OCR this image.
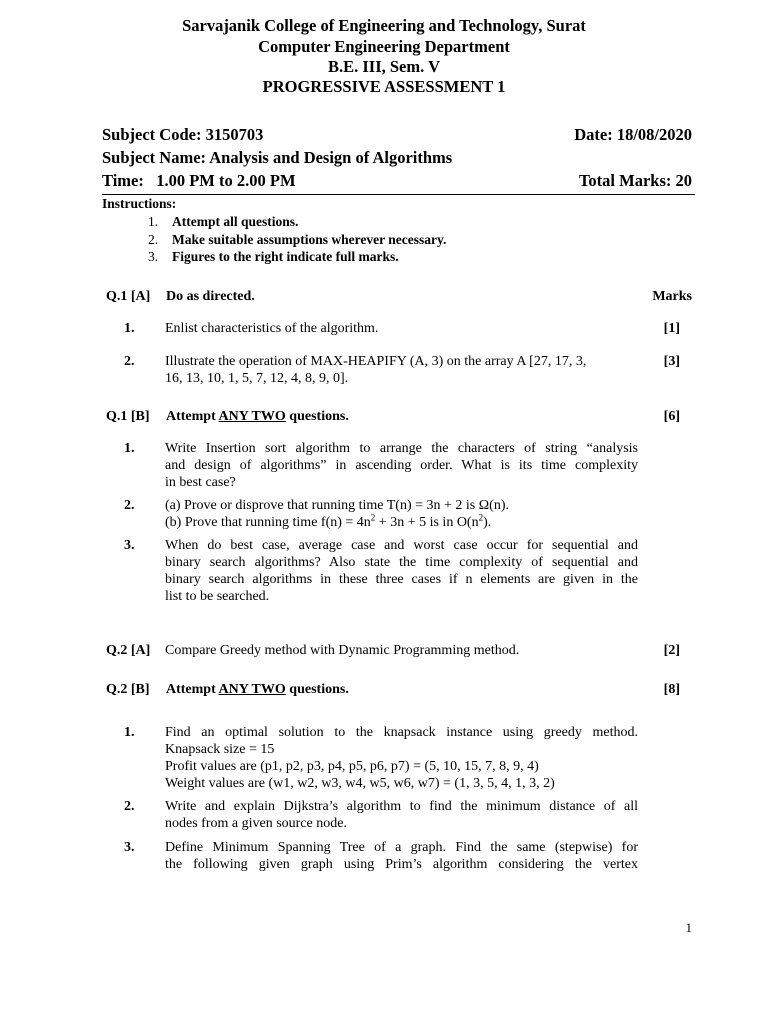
Sarvajanik College of Engineering and Technology, Surat
Computer Engineering Department
B.E. III, Sem. V
PROGRESSIVE ASSESSMENT 1
Subject Code: 3150703	Date: 18/08/2020
Subject Name: Analysis and Design of Algorithms
Time:   1.00 PM to 2.00 PM	Total Marks: 20
Instructions:
1. Attempt all questions.
2. Make suitable assumptions wherever necessary.
3. Figures to the right indicate full marks.
Q.1 [A] Do as directed.	Marks
1.	Enlist characteristics of the algorithm.	[1]
2.	Illustrate the operation of MAX-HEAPIFY (A, 3) on the array A [27, 17, 3,
16, 13, 10, 1, 5, 7, 12, 4, 8, 9, 0].
[3]
Q.1 [B] Attempt ANY TWO questions.	[6]
1.	Write Insertion sort algorithm to arrange the characters of string “analysis
and design of algorithms” in ascending order. What is its time complexity
in best case?
2.	(a) Prove or disprove that running time T(n) = 3n + 2 is Ω(n).
(b) Prove that running time $f(n) = 4n^2 + 3n + 5$ is in $O(n^2)$.
3.	When do best case, average case and worst case occur for sequential and
binary search algorithms? Also state the time complexity of sequential and
binary search algorithms in these three cases if n elements are given in the
list to be searched.
Q.2 [A] Compare Greedy method with Dynamic Programming method.	[2]
Q.2 [B] Attempt ANY TWO questions.	[8]
1.	Find an optimal solution to the knapsack instance using greedy method.
Knapsack size = 15
Profit values are (p1, p2, p3, p4, p5, p6, p7) = (5, 10, 15, 7, 8, 9, 4)
Weight values are (w1, w2, w3, w4, w5, w6, w7) = (1, 3, 5, 4, 1, 3, 2)
2.	Write and explain Dijkstra’s algorithm to find the minimum distance of all
nodes from a given source node.
3.	Define Minimum Spanning Tree of a graph. Find the same (stepwise) for
the following given graph using Prim’s algorithm considering the vertex
1
